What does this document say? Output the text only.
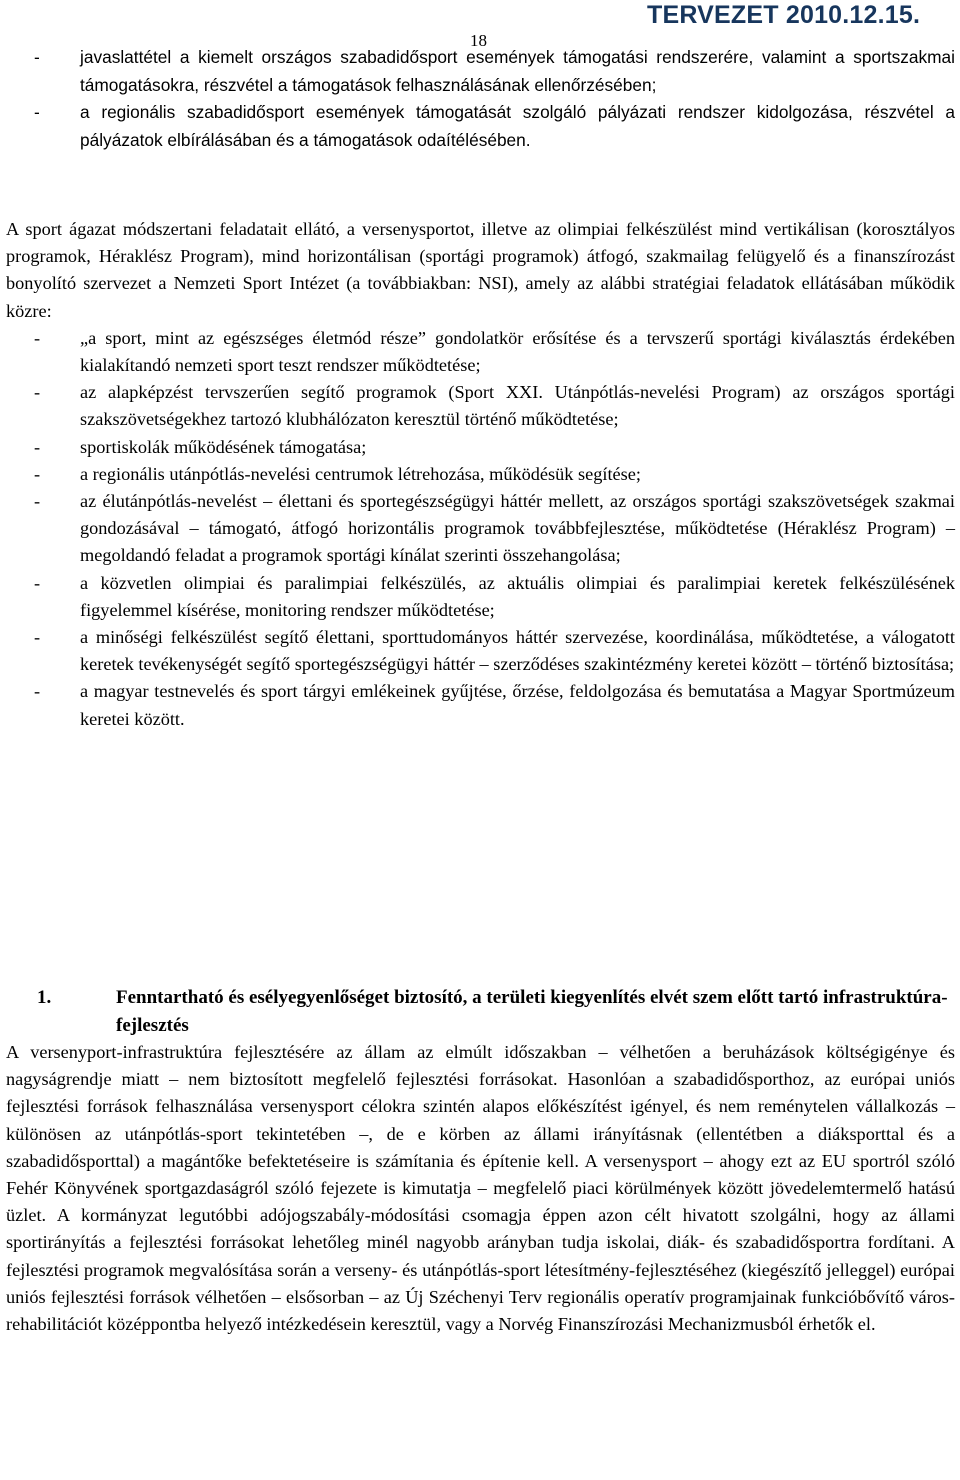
18
TERVEZET 2010.12.15.
- javaslattétel a kiemelt országos szabadidősport események támogatási rendszerére, valamint a sportszakmai támogatásokra, részvétel a támogatások felhasználásának ellenőrzésében;
- a regionális szabadidősport események támogatását szolgáló pályázati rendszer kidolgozása, részvétel a pályázatok elbírálásában és a támogatások odaítélésében.

A sport ágazat módszertani feladatait ellátó, a versenysportot, illetve az olimpiai felkészülést mind vertikálisan (korosztályos programok, Héraklész Program), mind horizontálisan (sportági programok) átfogó, szakmailag felügyelő és a finanszírozást bonyolító szervezet a Nemzeti Sport Intézet (a továbbiakban: NSI), amely az alábbi stratégiai feladatok ellátásában működik közre:

- „a sport, mint az egészséges életmód része” gondolatkör erősítése és a tervszerű sportági kiválasztás érdekében kialakítandó nemzeti sport teszt rendszer működtetése;
- az alapképzést tervszerűen segítő programok (Sport XXI. Utánpótlás-nevelési Program) az országos sportági szakszövetségekhez tartozó klubhálózaton keresztül történő működtetése;
- sportiskolák működésének támogatása;
- a regionális utánpótlás-nevelési centrumok létrehozása, működésük segítése;
- az élutánpótlás-nevelést – élettani és sportegészségügyi háttér mellett, az országos sportági szakszövetségek szakmai gondozásával – támogató, átfogó horizontális programok továbbfejlesztése, működtetése (Héraklész Program) – megoldandó feladat a programok sportági kínálat szerinti összehangolása;
- a közvetlen olimpiai és paralimpiai felkészülés, az aktuális olimpiai és paralimpiai keretek felkészülésének figyelemmel kísérése, monitoring rendszer működtetése;
- a minőségi felkészülést segítő élettani, sporttudományos háttér szervezése, koordinálása, működtetése, a válogatott keretek tevékenységét segítő sportegészségügyi háttér – szerződéses szakintézmény keretei között – történő biztosítása;
- a magyar testnevelés és sport tárgyi emlékeinek gyűjtése, őrzése, feldolgozása és bemutatása a Magyar Sportmúzeum keretei között.
1.	Fenntartható és esélyegyenlőséget biztosító, a területi kiegyenlítés elvét szem előtt tartó infrastruktúra-fejlesztés

A versenyport-infrastruktúra fejlesztésére az állam az elmúlt időszakban – vélhetően a beruházások költségigénye és nagyságrendje miatt – nem biztosított megfelelő fejlesztési forrásokat. Hasonlóan a szabadidősporthoz, az európai uniós fejlesztési források felhasználása versenysport célokra szintén alapos előkészítést igényel, és nem reménytelen vállalkozás – különösen az utánpótlás-sport tekintetében –, de e körben az állami irányításnak (ellentétben a diáksporttal és a szabadidősporttal) a magántőke befektetéseire is számítania és építenie kell. A versenysport – ahogy ezt az EU sportról szóló Fehér Könyvének sportgazdaságról szóló fejezete is kimutatja – megfelelő piaci körülmények között jövedelemtermelő hatású üzlet. A kormányzat legutóbbi adójogszabály-módosítási csomagja éppen azon célt hivatott szolgálni, hogy az állami sportirányítás a fejlesztési forrásokat lehetőleg minél nagyobb arányban tudja iskolai, diák- és szabadidősportra fordítani. A fejlesztési programok megvalósítása során a verseny- és utánpótlás-sport létesítmény-fejlesztéséhez (kiegészítő jelleggel) európai uniós fejlesztési források vélhetően – elsősorban – az Új Széchenyi Terv regionális operatív programjainak funkcióbővítő város-rehabilitációt középpontba helyező intézkedésein keresztül, vagy a Norvég Finanszírozási Mechanizmusból érhetők el.
